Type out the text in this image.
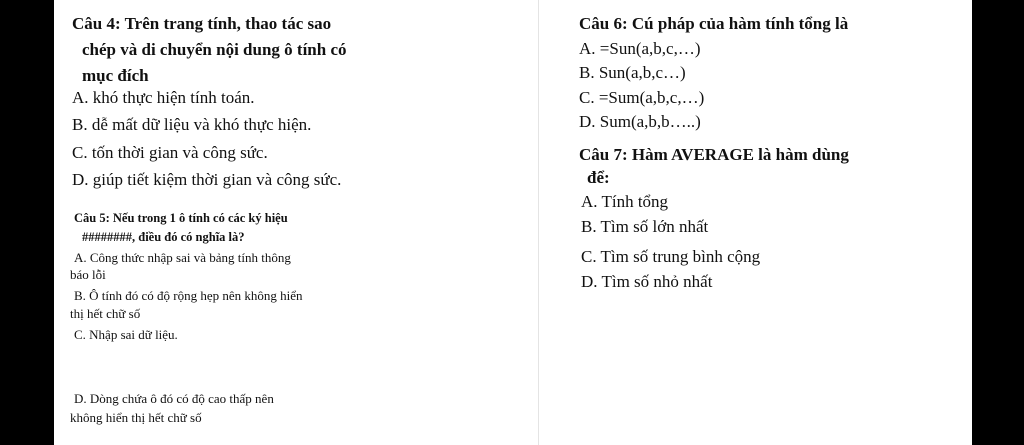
Câu 4: Trên trang tính, thao tác sao
chép và di chuyển nội dung ô tính có
mục đích
A. khó thực hiện tính toán.
B. dễ mất dữ liệu và khó thực hiện.
C. tốn thời gian và công sức.
D. giúp tiết kiệm thời gian và công sức.
Câu 5: Nếu trong 1 ô tính có các ký hiệu
########, điều đó có nghĩa là?
A. Công thức nhập sai và bảng tính thông
báo lỗi
B. Ô tính đó có độ rộng hẹp nên không hiển
thị hết chữ số
C. Nhập sai dữ liệu.
D. Dòng chứa ô đó có độ cao thấp nên
không hiển thị hết chữ số
Câu 6: Cú pháp của hàm tính tổng là
A. =Sun(a,b,c,…)
B. Sun(a,b,c…)
C. =Sum(a,b,c,…)
D. Sum(a,b,b…..)
Câu 7: Hàm AVERAGE là hàm dùng
để:
A. Tính tổng
B. Tìm số lớn nhất
C. Tìm số trung bình cộng
D. Tìm số nhỏ nhất
